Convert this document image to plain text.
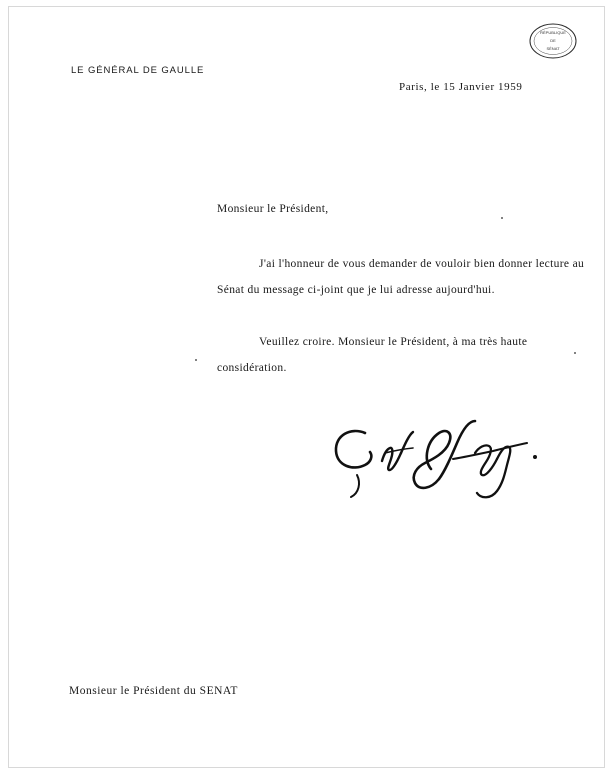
LE GÉNÉRAL DE GAULLE
RÉPUBLIQUE
DE
SÉNAT
Paris, le 15 Janvier 1959

Monsieur le Président,

J'ai l'honneur de vous demander de vouloir bien donner lecture au Sénat du message ci-joint que je lui adresse aujourd'hui.

Veuillez croire. Monsieur le Président, à ma très haute considération.

Monsieur le Président du SENAT
